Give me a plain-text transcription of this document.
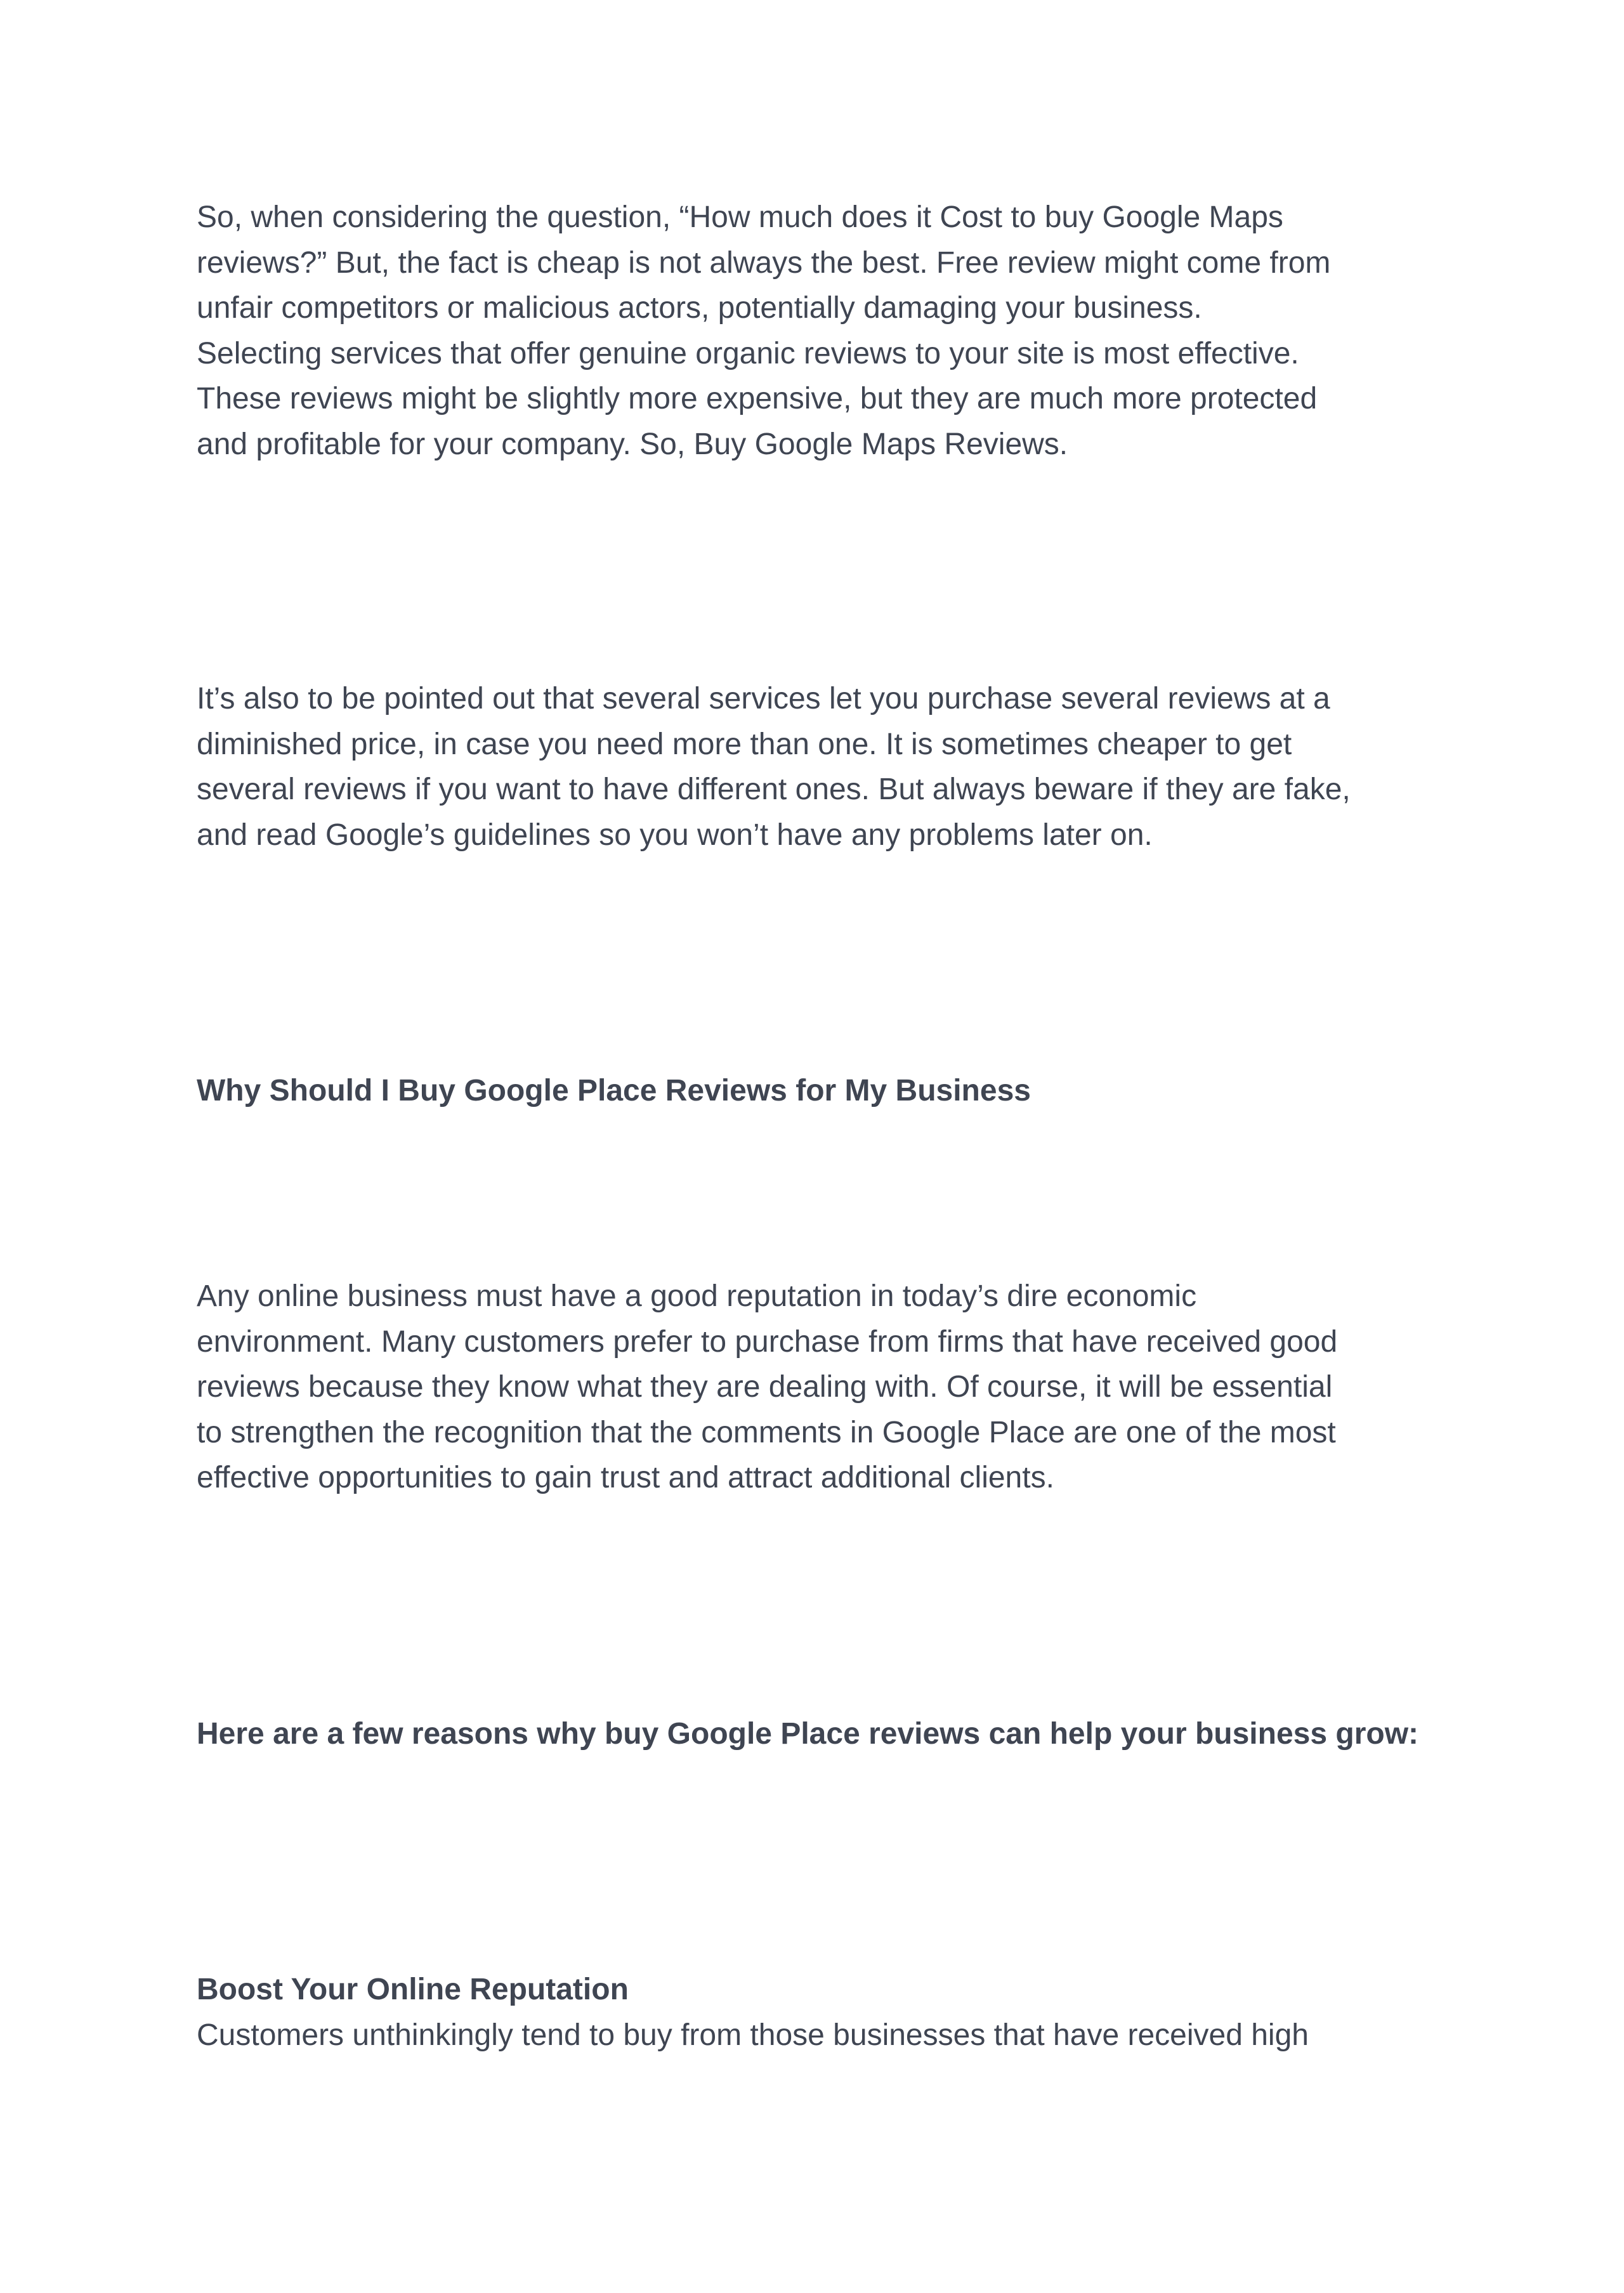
So, when considering the question, “How much does it Cost to buy Google Maps
reviews?” But, the fact is cheap is not always the best. Free review might come from
unfair competitors or malicious actors, potentially damaging your business.
Selecting services that offer genuine organic reviews to your site is most effective.
These reviews might be slightly more expensive, but they are much more protected
and profitable for your company. So, Buy Google Maps Reviews.
It’s also to be pointed out that several services let you purchase several reviews at a
diminished price, in case you need more than one. It is sometimes cheaper to get
several reviews if you want to have different ones. But always beware if they are fake,
and read Google’s guidelines so you won’t have any problems later on.
Why Should I Buy Google Place Reviews for My Business
Any online business must have a good reputation in today’s dire economic
environment. Many customers prefer to purchase from firms that have received good
reviews because they know what they are dealing with. Of course, it will be essential
to strengthen the recognition that the comments in Google Place are one of the most
effective opportunities to gain trust and attract additional clients.
Here are a few reasons why buy Google Place reviews can help your business grow:
Boost Your Online Reputation
Customers unthinkingly tend to buy from those businesses that have received high
